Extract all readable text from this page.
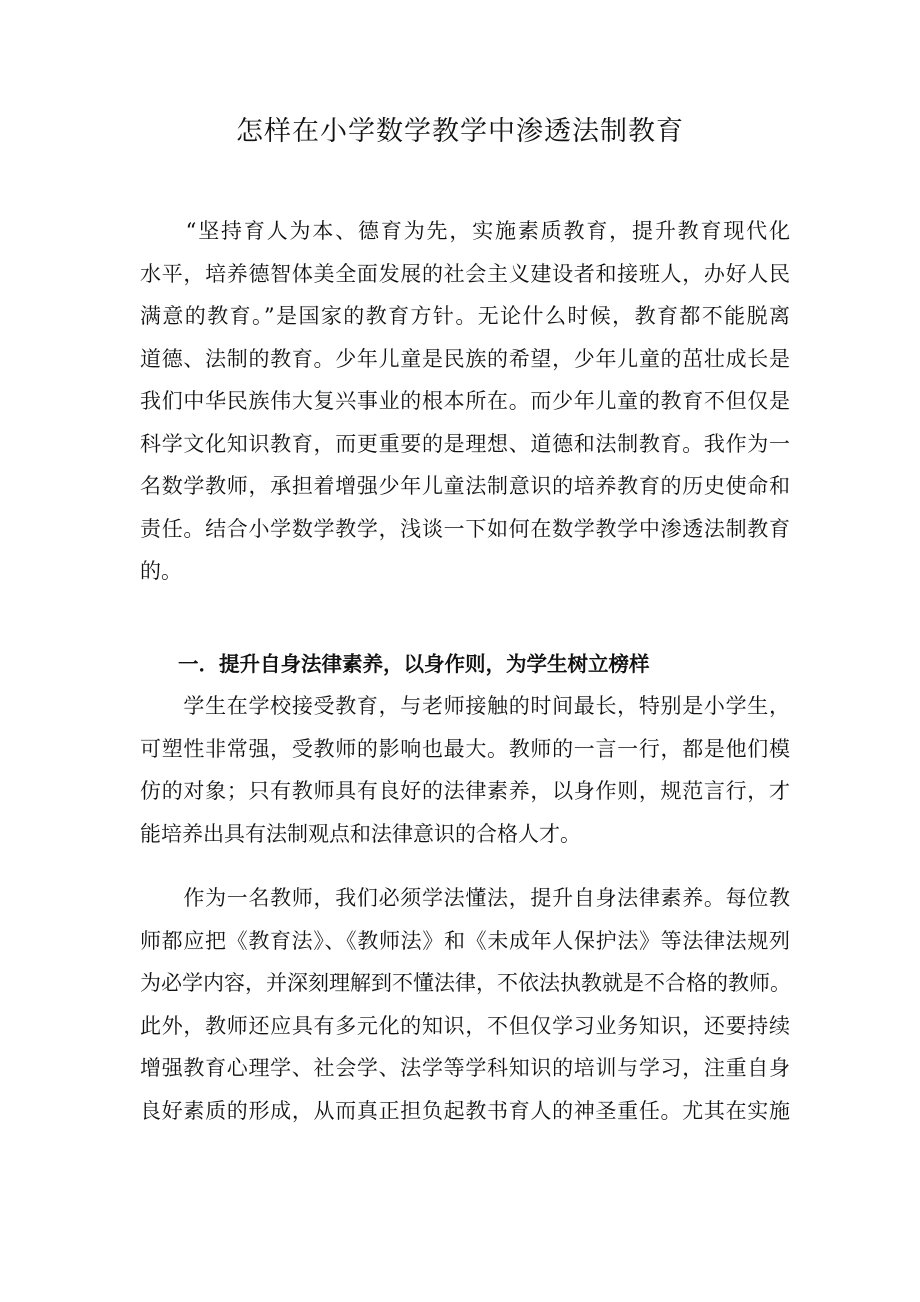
怎样在小学数学教学中渗透法制教育
　　“坚持育人为本、德育为先，实施素质教育，提升教育现代化
水平，培养德智体美全面发展的社会主义建设者和接班人，办好人民
满意的教育。”是国家的教育方针。无论什么时候，教育都不能脱离
道德、法制的教育。少年儿童是民族的希望，少年儿童的茁壮成长是
我们中华民族伟大复兴事业的根本所在。而少年儿童的教育不但仅是
科学文化知识教育，而更重要的是理想、道德和法制教育。我作为一
名数学教师，承担着增强少年儿童法制意识的培养教育的历史使命和
责任。结合小学数学教学，浅谈一下如何在数学教学中渗透法制教育
的。
一．提升自身法律素养，以身作则，为学生树立榜样
　　学生在学校接受教育，与老师接触的时间最长，特别是小学生，
可塑性非常强，受教师的影响也最大。教师的一言一行，都是他们模
仿的对象；只有教师具有良好的法律素养，以身作则，规范言行，才
能培养出具有法制观点和法律意识的合格人才。
　　作为一名教师，我们必须学法懂法，提升自身法律素养。每位教
师都应把《教育法》、《教师法》和《未成年人保护法》等法律法规列
为必学内容，并深刻理解到不懂法律，不依法执教就是不合格的教师。
此外，教师还应具有多元化的知识，不但仅学习业务知识，还要持续
增强教育心理学、社会学、法学等学科知识的培训与学习，注重自身
良好素质的形成，从而真正担负起教书育人的神圣重任。尤其在实施
